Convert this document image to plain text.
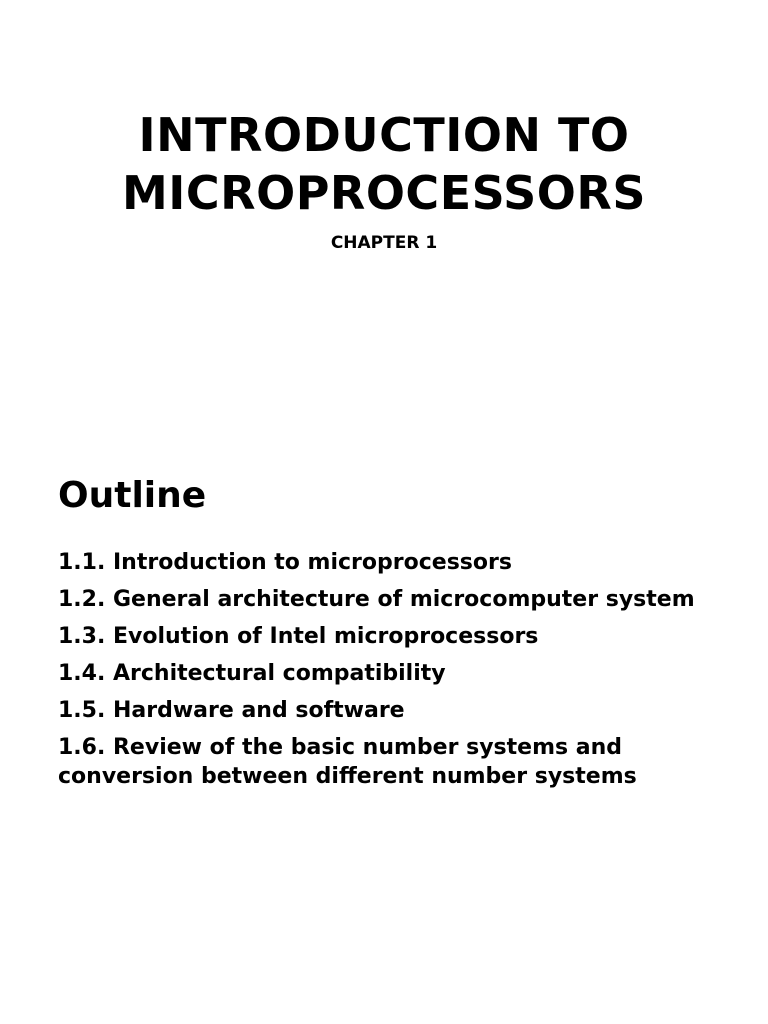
INTRODUCTION TO
MICROPROCESSORS

CHAPTER 1

Outline
1.1. Introduction to microprocessors
1.2. General architecture of microcomputer system
1.3. Evolution of Intel microprocessors
1.4. Architectural compatibility
1.5. Hardware and software
1.6. Review of the basic number systems and conversion between different number systems
